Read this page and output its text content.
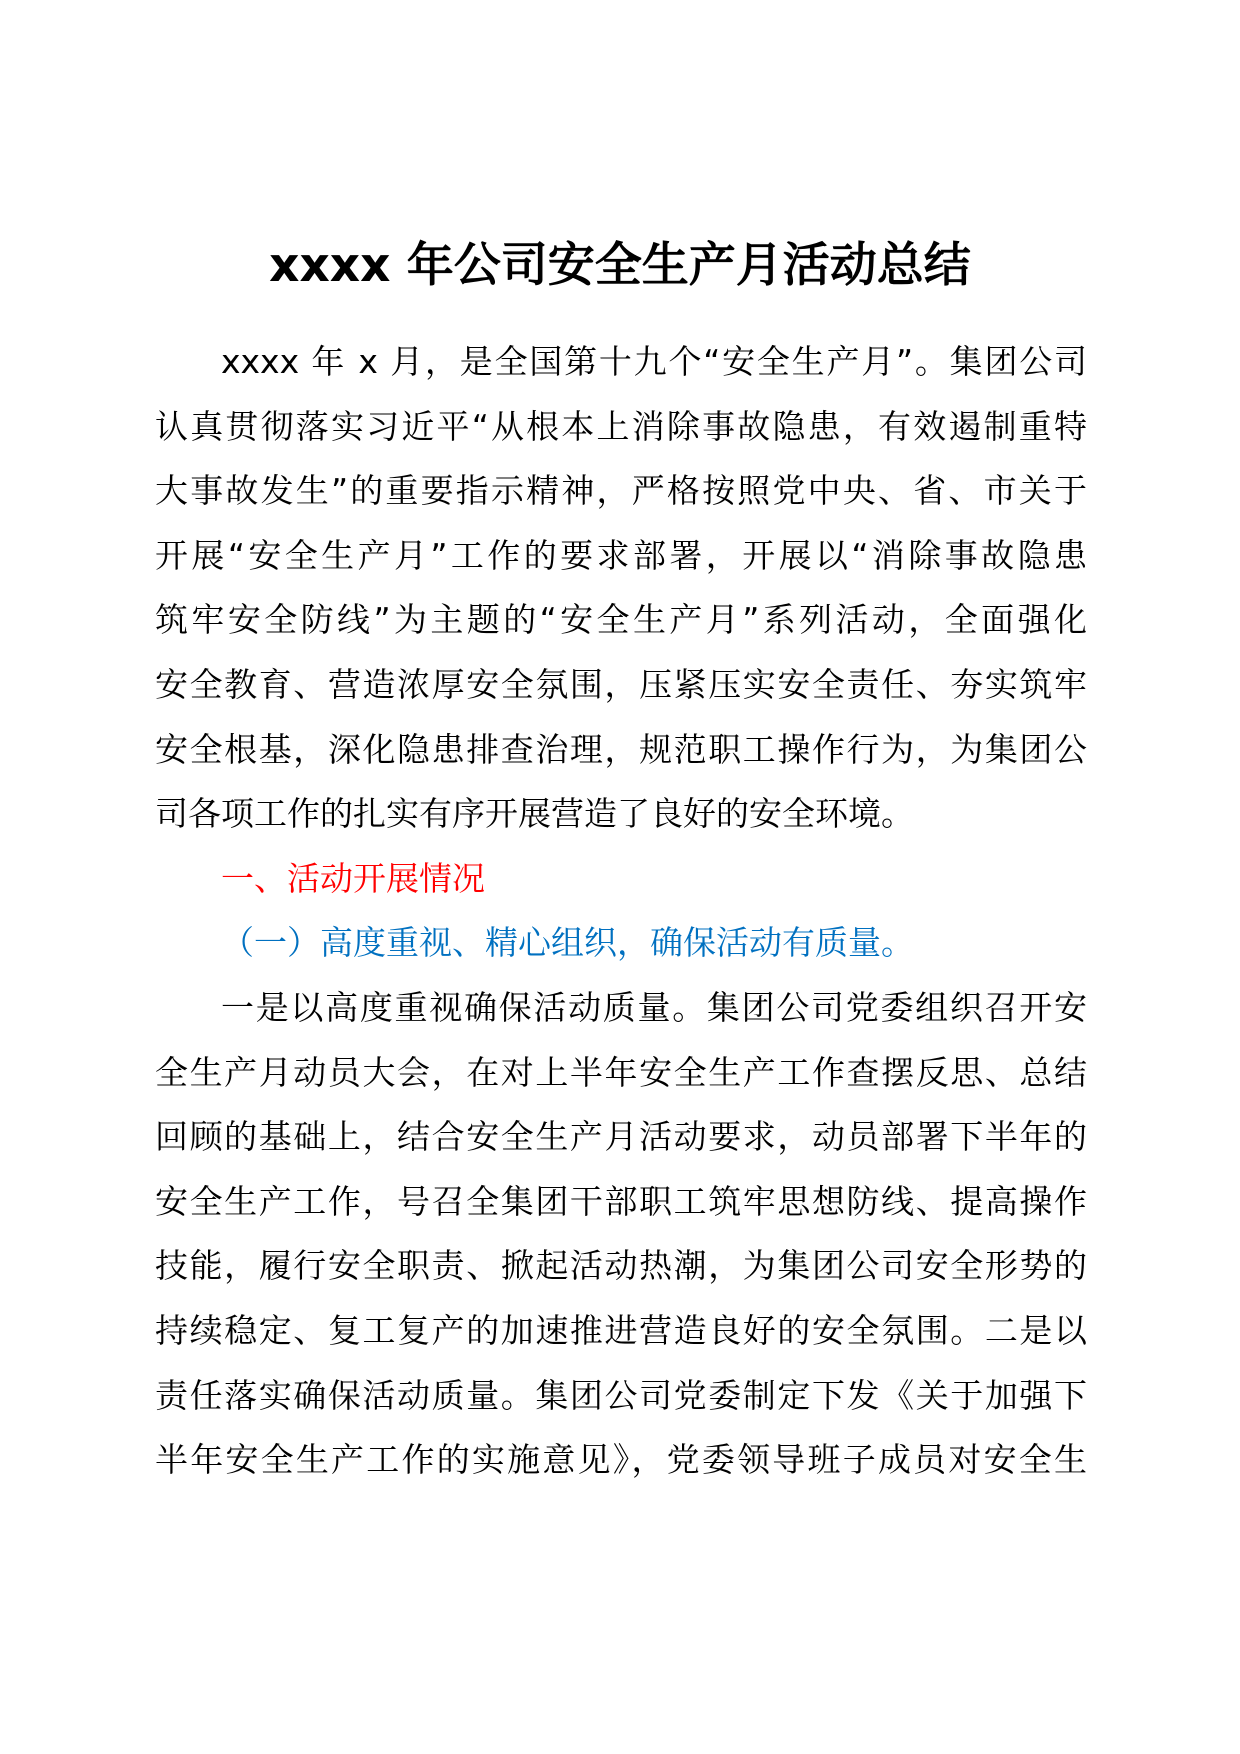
xxxx 年公司安全生产月活动总结
xxxx 年 x 月，是全国第十九个“安全生产月”。集团公司
认真贯彻落实习近平“从根本上消除事故隐患，有效遏制重特
大事故发生”的重要指示精神，严格按照党中央、省、市关于
开展“安全生产月”工作的要求部署，开展以“消除事故隐患
筑牢安全防线”为主题的“安全生产月”系列活动，全面强化
安全教育、营造浓厚安全氛围，压紧压实安全责任、夯实筑牢
安全根基，深化隐患排查治理，规范职工操作行为，为集团公
司各项工作的扎实有序开展营造了良好的安全环境。
一、活动开展情况
（一）高度重视、精心组织，确保活动有质量。
一是以高度重视确保活动质量。集团公司党委组织召开安
全生产月动员大会，在对上半年安全生产工作查摆反思、总结
回顾的基础上，结合安全生产月活动要求，动员部署下半年的
安全生产工作，号召全集团干部职工筑牢思想防线、提高操作
技能，履行安全职责、掀起活动热潮，为集团公司安全形势的
持续稳定、复工复产的加速推进营造良好的安全氛围。二是以
责任落实确保活动质量。集团公司党委制定下发《关于加强下
半年安全生产工作的实施意见》，党委领导班子成员对安全生
